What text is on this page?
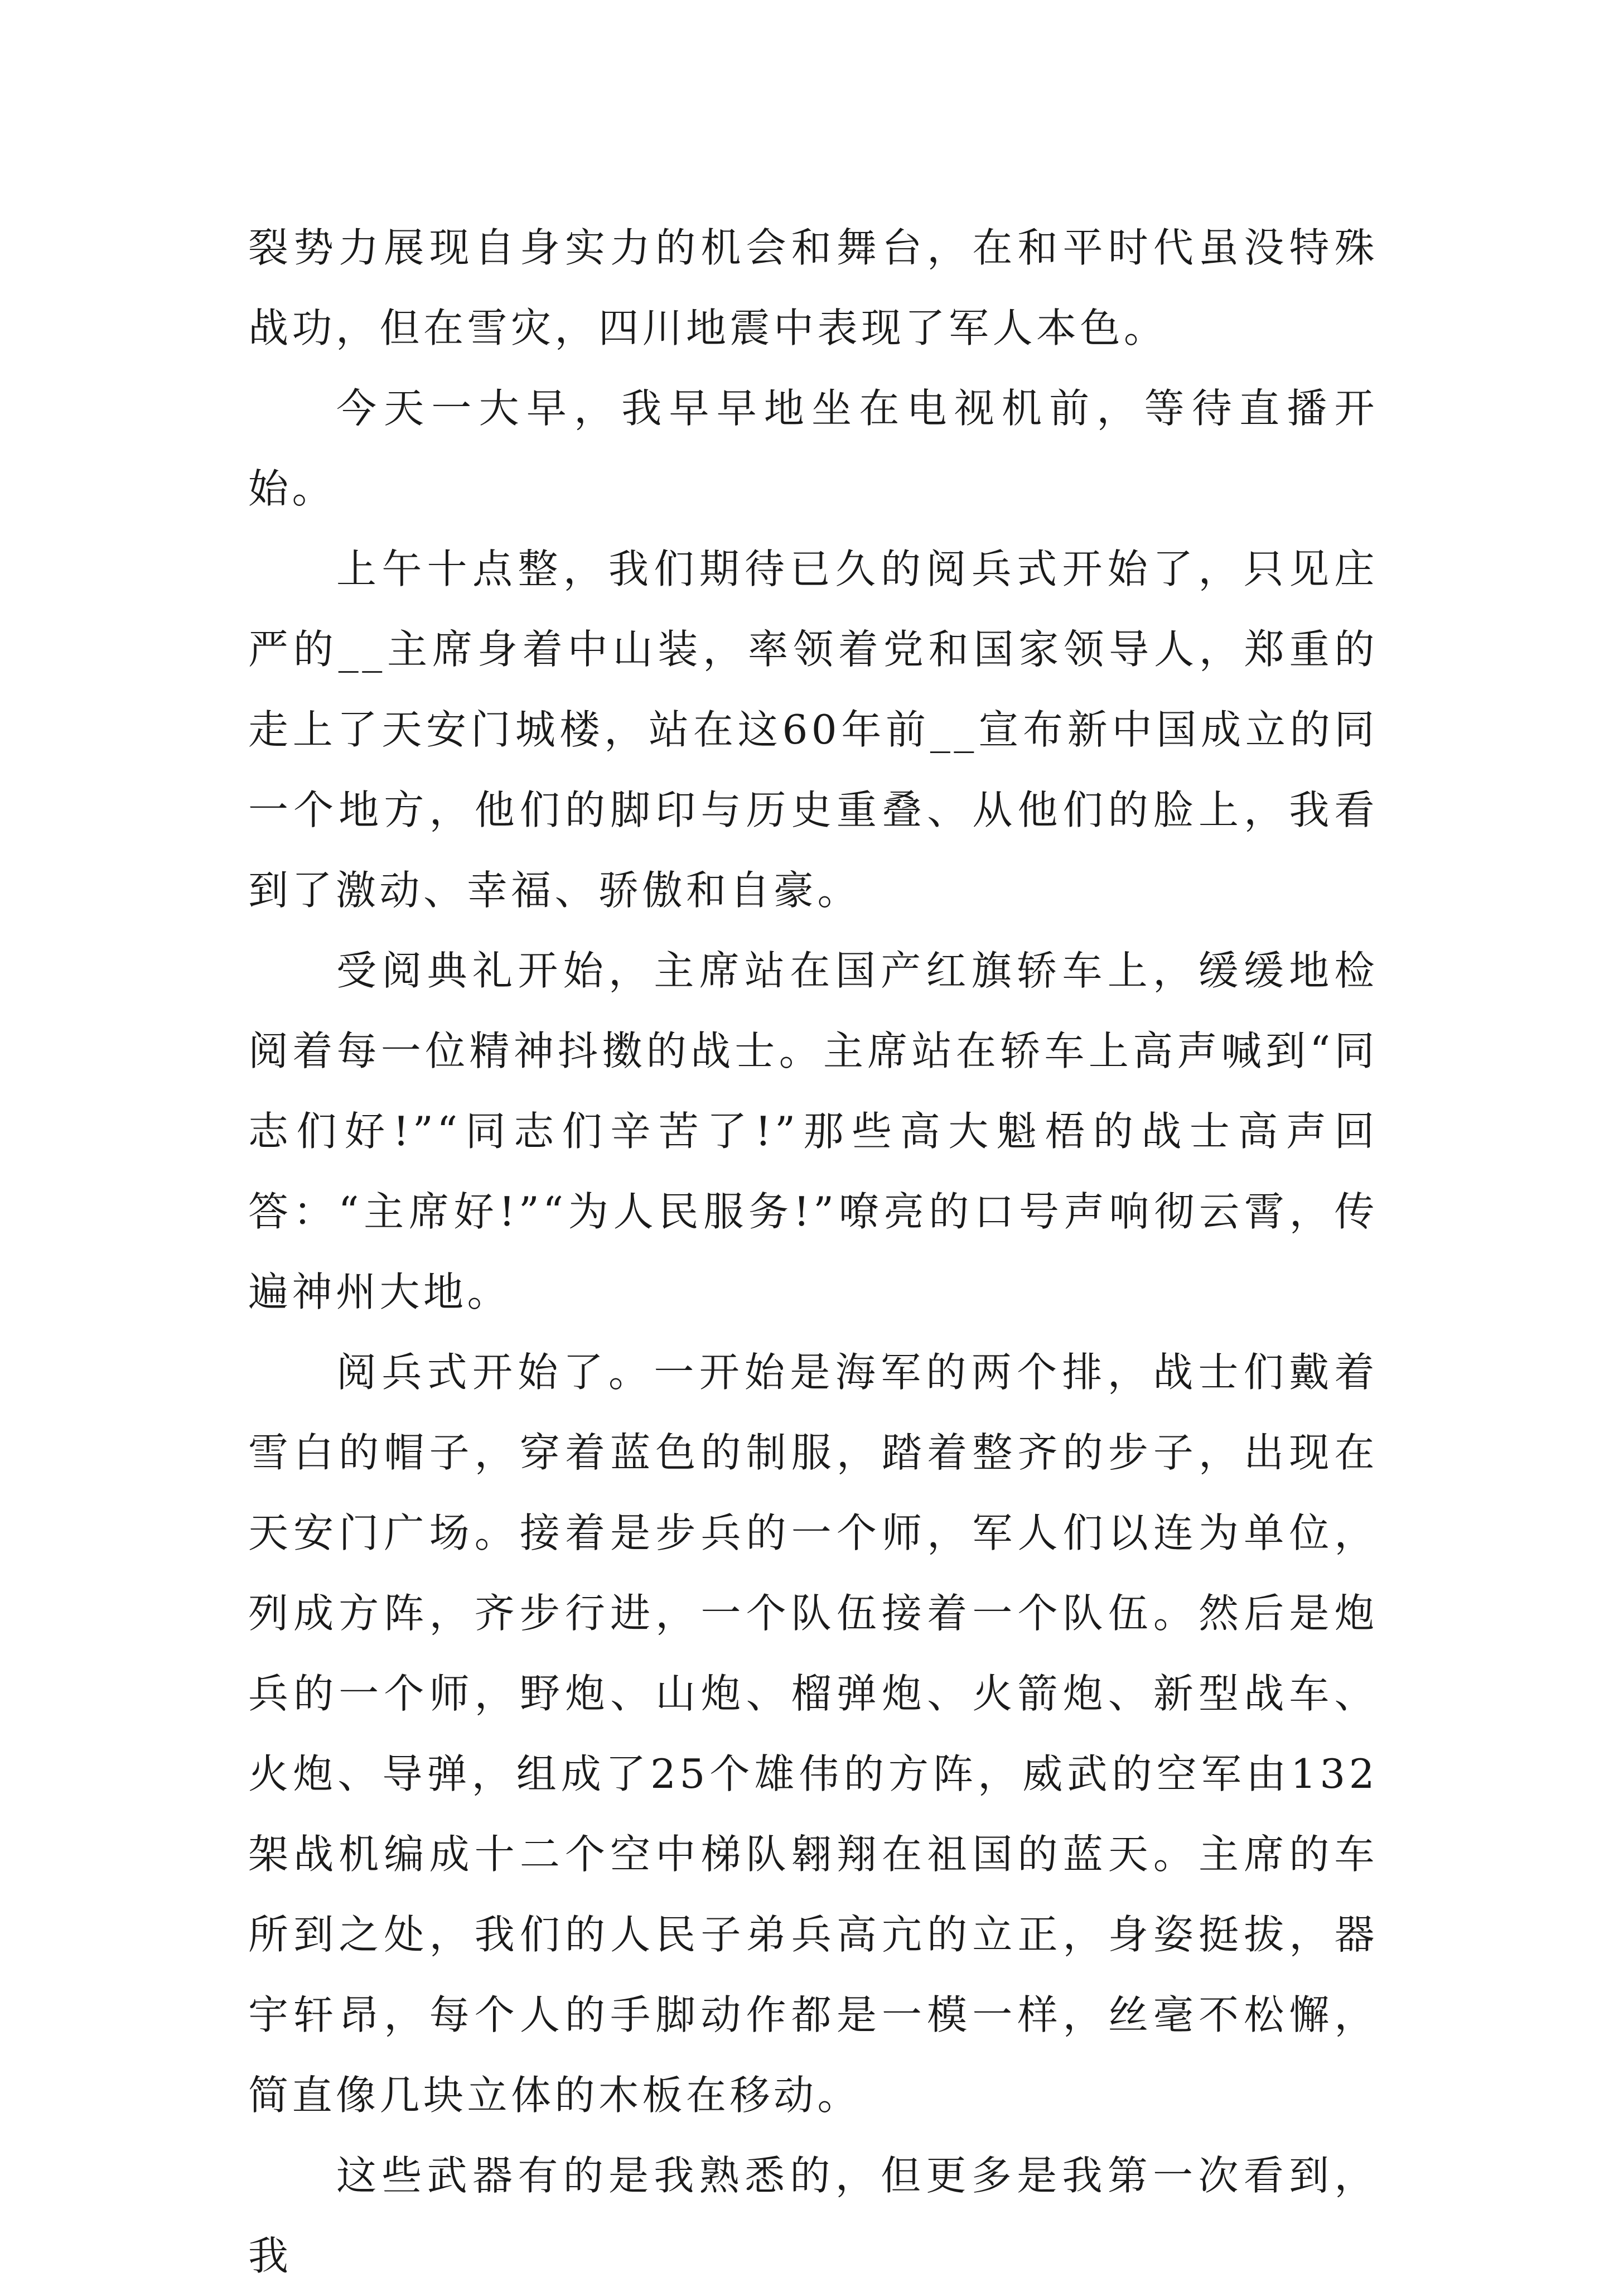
裂势力展现自身实力的机会和舞台，在和平时代虽没特殊战功，但在雪灾，四川地震中表现了军人本色。

今天一大早，我早早地坐在电视机前，等待直播开始。

上午十点整，我们期待已久的阅兵式开始了，只见庄严的__主席身着中山装，率领着党和国家领导人，郑重的走上了天安门城楼，站在这60年前__宣布新中国成立的同一个地方，他们的脚印与历史重叠、从他们的脸上，我看到了激动、幸福、骄傲和自豪。

受阅典礼开始，主席站在国产红旗轿车上，缓缓地检阅着每一位精神抖擞的战士。主席站在轿车上高声喊到“同志们好!”“同志们辛苦了!”那些高大魁梧的战士高声回答：“主席好!”“为人民服务!”嘹亮的口号声响彻云霄，传遍神州大地。

阅兵式开始了。一开始是海军的两个排，战士们戴着雪白的帽子，穿着蓝色的制服，踏着整齐的步子，出现在天安门广场。接着是步兵的一个师，军人们以连为单位，列成方阵，齐步行进，一个队伍接着一个队伍。然后是炮兵的一个师，野炮、山炮、榴弹炮、火箭炮、新型战车、火炮、导弹，组成了25个雄伟的方阵，威武的空军由132架战机编成十二个空中梯队翱翔在祖国的蓝天。主席的车所到之处，我们的人民子弟兵高亢的立正，身姿挺拔，器宇轩昂，每个人的手脚动作都是一模一样，丝毫不松懈，简直像几块立体的木板在移动。

这些武器有的是我熟悉的，但更多是我第一次看到，我
